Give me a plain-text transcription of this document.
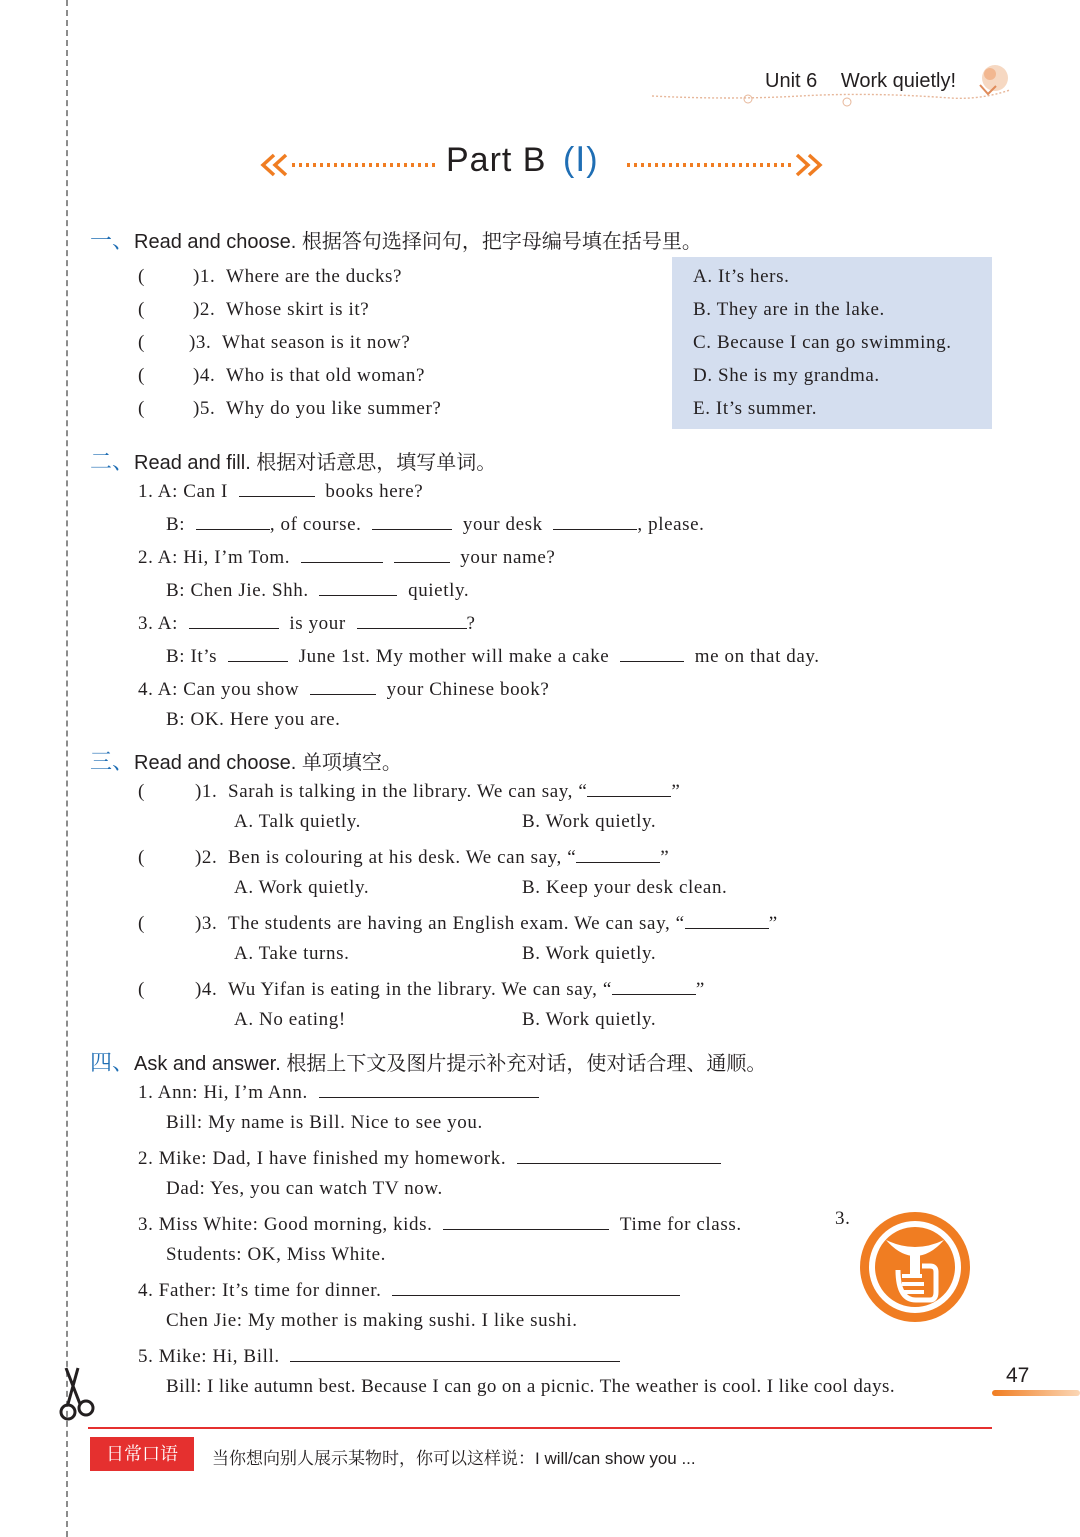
Unit 6 Work quietly!
Part B (Ⅰ)
一、Read and choose. 根据答句选择问句，把字母编号填在括号里。
(	)1. Where are the ducks?
(	)2. Whose skirt is it?
( )3. What season is it now?
(	)4. Who is that old woman?
(	)5. Why do you like summer?
A. It’s hers.
B. They are in the lake.
C. Because I can go swimming.
D. She is my grandma.
E. It’s summer.
二、Read and fill. 根据对话意思，填写单词。
1. A: Can I	books here?
B:	, of course.	your desk	, please.
2. A: Hi, I’m Tom.	your name?
B: Chen Jie. Shh.	quietly.
3. A:	is your	?
B: It’s	June 1st. My mother will make a cake	me on that day.
4. A: Can you show	your Chinese book?
B: OK. Here you are.
三、Read and choose. 单项填空。
(	)1. Sarah is talking in the library. We can say, “	”
A. Talk quietly.	B. Work quietly.
(	)2. Ben is colouring at his desk. We can say, “	”
A. Work quietly.	B. Keep your desk clean.
(	)3. The students are having an English exam. We can say, “	”
A. Take turns.	B. Work quietly.
(	)4. Wu Yifan is eating in the library. We can say, “	”
A. No eating!	B. Work quietly.
四、Ask and answer. 根据上下文及图片提示补充对话，使对话合理、通顺。
1. Ann: Hi, I’m Ann.
Bill: My name is Bill. Nice to see you.
2. Mike: Dad, I have finished my homework.
Dad: Yes, you can watch TV now.
3. Miss White: Good morning, kids.	Time for class.
Students: OK, Miss White.
4. Father: It’s time for dinner.
Chen Jie: My mother is making sushi. I like sushi.
5. Mike: Hi, Bill.
Bill: I like autumn best. Because I can go on a picnic. The weather is cool. I like cool days.
3.
47
日常口语	当你想向别人展示某物时，你可以这样说：I will/can show you ...
